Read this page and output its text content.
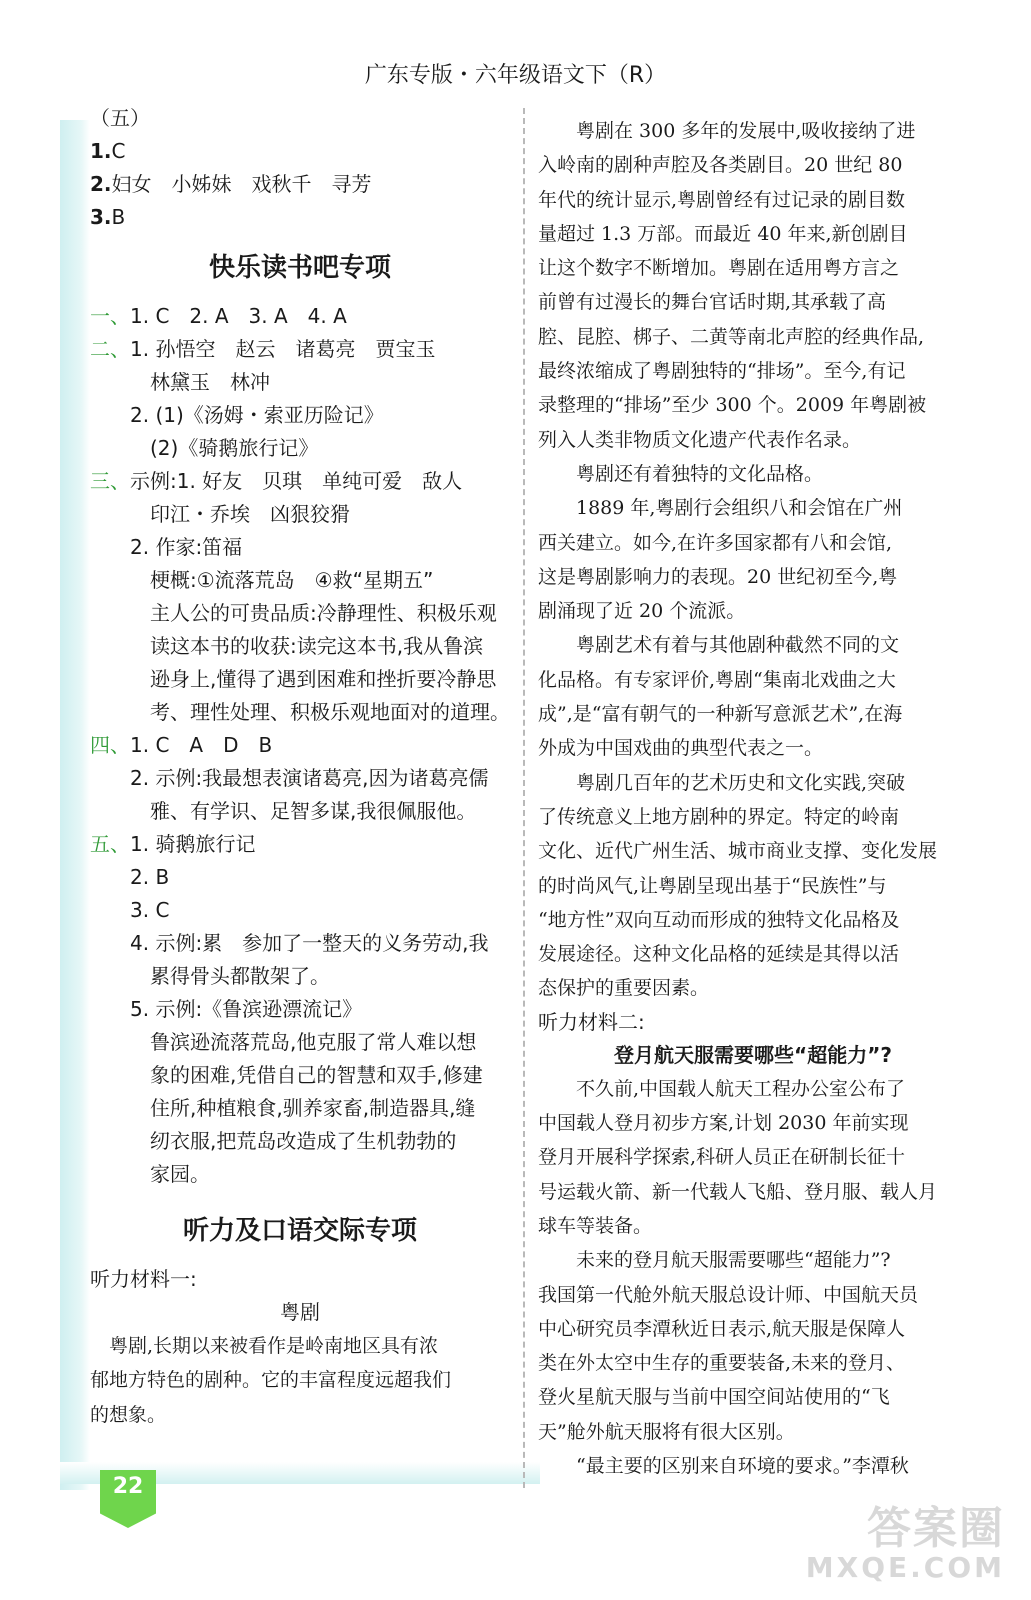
广东专版・六年级语文下（R）
22
（五）
1.C
2.妇女　小姊妹　戏秋千　寻芳
3.B
快乐读书吧专项
一、1. C　2. A　3. A　4. A
二、1. 孙悟空　赵云　诸葛亮　贾宝玉
林黛玉　林冲
2. (1)《汤姆・索亚历险记》
(2)《骑鹅旅行记》
三、示例:1. 好友　贝琪　单纯可爱　敌人
印江・乔埃　凶狠狡猾
2. 作家:笛福
梗概:①流落荒岛　④救“星期五”
主人公的可贵品质:冷静理性、积极乐观
读这本书的收获:读完这本书,我从鲁滨
逊身上,懂得了遇到困难和挫折要冷静思
考、理性处理、积极乐观地面对的道理。
四、1. C　A　D　B
2. 示例:我最想表演诸葛亮,因为诸葛亮儒
雅、有学识、足智多谋,我很佩服他。
五、1. 骑鹅旅行记
2. B
3. C
4. 示例:累　参加了一整天的义务劳动,我
累得骨头都散架了。
5. 示例:《鲁滨逊漂流记》
鲁滨逊流落荒岛,他克服了常人难以想
象的困难,凭借自己的智慧和双手,修建
住所,种植粮食,驯养家畜,制造器具,缝
纫衣服,把荒岛改造成了生机勃勃的
家园。
听力及口语交际专项
听力材料一:
粤剧
　粤剧,长期以来被看作是岭南地区具有浓
郁地方特色的剧种。它的丰富程度远超我们
的想象。
　　粤剧在 300 多年的发展中,吸收接纳了进
入岭南的剧种声腔及各类剧目。20 世纪 80
年代的统计显示,粤剧曾经有过记录的剧目数
量超过 1.3 万部。而最近 40 年来,新创剧目
让这个数字不断增加。粤剧在适用粤方言之
前曾有过漫长的舞台官话时期,其承载了高
腔、昆腔、梆子、二黄等南北声腔的经典作品,
最终浓缩成了粤剧独特的“排场”。至今,有记
录整理的“排场”至少 300 个。2009 年粤剧被
列入人类非物质文化遗产代表作名录。
　　粤剧还有着独特的文化品格。
　　1889 年,粤剧行会组织八和会馆在广州
西关建立。如今,在许多国家都有八和会馆,
这是粤剧影响力的表现。20 世纪初至今,粤
剧涌现了近 20 个流派。
　　粤剧艺术有着与其他剧种截然不同的文
化品格。有专家评价,粤剧“集南北戏曲之大
成”,是“富有朝气的一种新写意派艺术”,在海
外成为中国戏曲的典型代表之一。
　　粤剧几百年的艺术历史和文化实践,突破
了传统意义上地方剧种的界定。特定的岭南
文化、近代广州生活、城市商业支撑、变化发展
的时尚风气,让粤剧呈现出基于“民族性”与
“地方性”双向互动而形成的独特文化品格及
发展途径。这种文化品格的延续是其得以活
态保护的重要因素。
听力材料二:
登月航天服需要哪些“超能力”?
　　不久前,中国载人航天工程办公室公布了
中国载人登月初步方案,计划 2030 年前实现
登月开展科学探索,科研人员正在研制长征十
号运载火箭、新一代载人飞船、登月服、载人月
球车等装备。
　　未来的登月航天服需要哪些“超能力”?
我国第一代舱外航天服总设计师、中国航天员
中心研究员李潭秋近日表示,航天服是保障人
类在外太空中生存的重要装备,未来的登月、
登火星航天服与当前中国空间站使用的“飞
天”舱外航天服将有很大区别。
　　“最主要的区别来自环境的要求。”李潭秋
答案圈
MXQE.COM
